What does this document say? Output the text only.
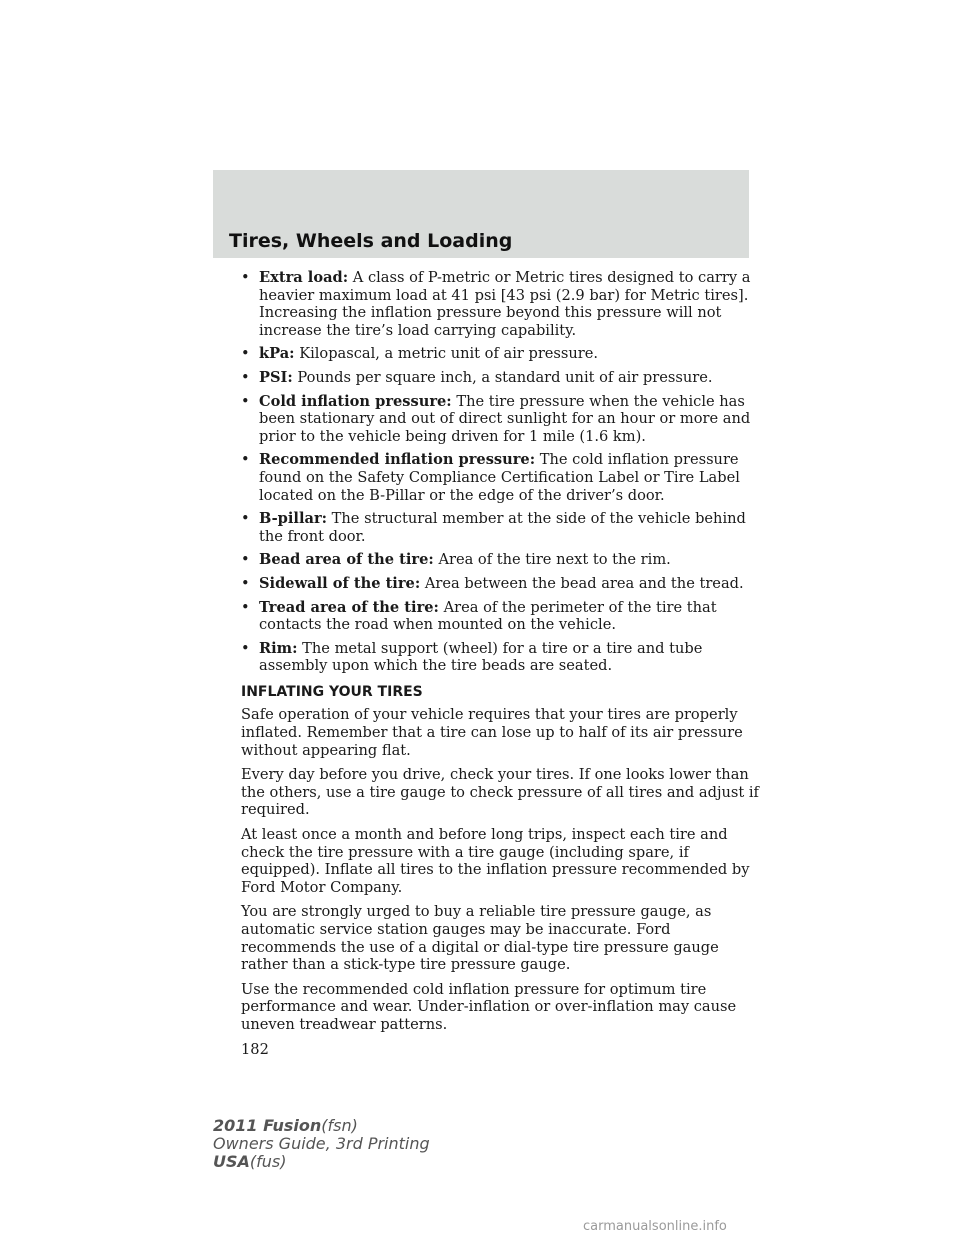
Tires, Wheels and Loading
• Extra load: A class of P-metric or Metric tires designed to carry a heavier maximum load at 41 psi [43 psi (2.9 bar) for Metric tires]. Increasing the inflation pressure beyond this pressure will not increase the tire’s load carrying capability.
• kPa: Kilopascal, a metric unit of air pressure.
• PSI: Pounds per square inch, a standard unit of air pressure.
• Cold inflation pressure: The tire pressure when the vehicle has been stationary and out of direct sunlight for an hour or more and prior to the vehicle being driven for 1 mile (1.6 km).
• Recommended inflation pressure: The cold inflation pressure found on the Safety Compliance Certification Label or Tire Label located on the B-Pillar or the edge of the driver’s door.
• B-pillar: The structural member at the side of the vehicle behind the front door.
• Bead area of the tire: Area of the tire next to the rim.
• Sidewall of the tire: Area between the bead area and the tread.
• Tread area of the tire: Area of the perimeter of the tire that contacts the road when mounted on the vehicle.
• Rim: The metal support (wheel) for a tire or a tire and tube assembly upon which the tire beads are seated.
INFLATING YOUR TIRES

Safe operation of your vehicle requires that your tires are properly inflated. Remember that a tire can lose up to half of its air pressure without appearing flat.

Every day before you drive, check your tires. If one looks lower than the others, use a tire gauge to check pressure of all tires and adjust if required.

At least once a month and before long trips, inspect each tire and check the tire pressure with a tire gauge (including spare, if equipped). Inflate all tires to the inflation pressure recommended by Ford Motor Company.

You are strongly urged to buy a reliable tire pressure gauge, as automatic service station gauges may be inaccurate. Ford recommends the use of a digital or dial-type tire pressure gauge rather than a stick-type tire pressure gauge.

Use the recommended cold inflation pressure for optimum tire performance and wear. Under-inflation or over-inflation may cause uneven treadwear patterns.

182
2011 Fusion(fsn)
Owners Guide, 3rd Printing
USA(fus)
carmanualsonline.info
